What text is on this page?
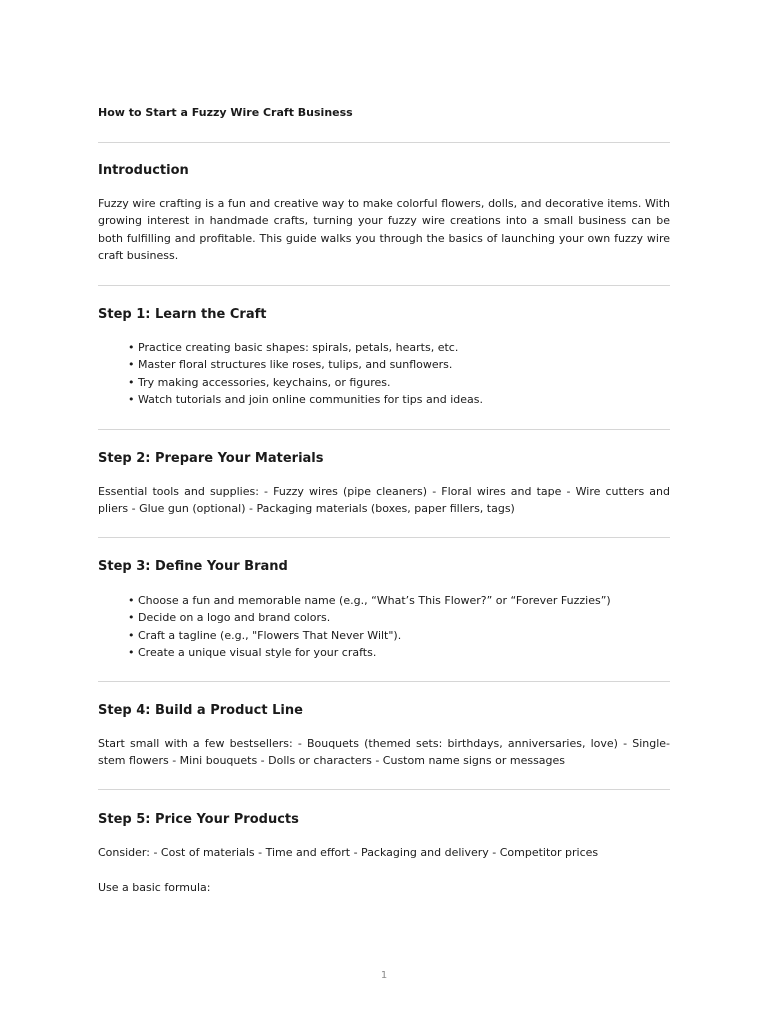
How to Start a Fuzzy Wire Craft Business
Introduction
Fuzzy wire crafting is a fun and creative way to make colorful flowers, dolls, and decorative items. With growing interest in handmade crafts, turning your fuzzy wire creations into a small business can be both fulfilling and profitable. This guide walks you through the basics of launching your own fuzzy wire craft business.
Step 1: Learn the Craft
• Practice creating basic shapes: spirals, petals, hearts, etc.
• Master floral structures like roses, tulips, and sunflowers.
• Try making accessories, keychains, or figures.
• Watch tutorials and join online communities for tips and ideas.
Step 2: Prepare Your Materials
Essential tools and supplies: - Fuzzy wires (pipe cleaners) - Floral wires and tape - Wire cutters and pliers - Glue gun (optional) - Packaging materials (boxes, paper fillers, tags)
Step 3: Define Your Brand
• Choose a fun and memorable name (e.g., “What’s This Flower?” or “Forever Fuzzies”)
• Decide on a logo and brand colors.
• Craft a tagline (e.g., "Flowers That Never Wilt").
• Create a unique visual style for your crafts.
Step 4: Build a Product Line
Start small with a few bestsellers: - Bouquets (themed sets: birthdays, anniversaries, love) - Single-stem flowers - Mini bouquets - Dolls or characters - Custom name signs or messages
Step 5: Price Your Products
Consider: - Cost of materials - Time and effort - Packaging and delivery - Competitor prices
Use a basic formula:
1
